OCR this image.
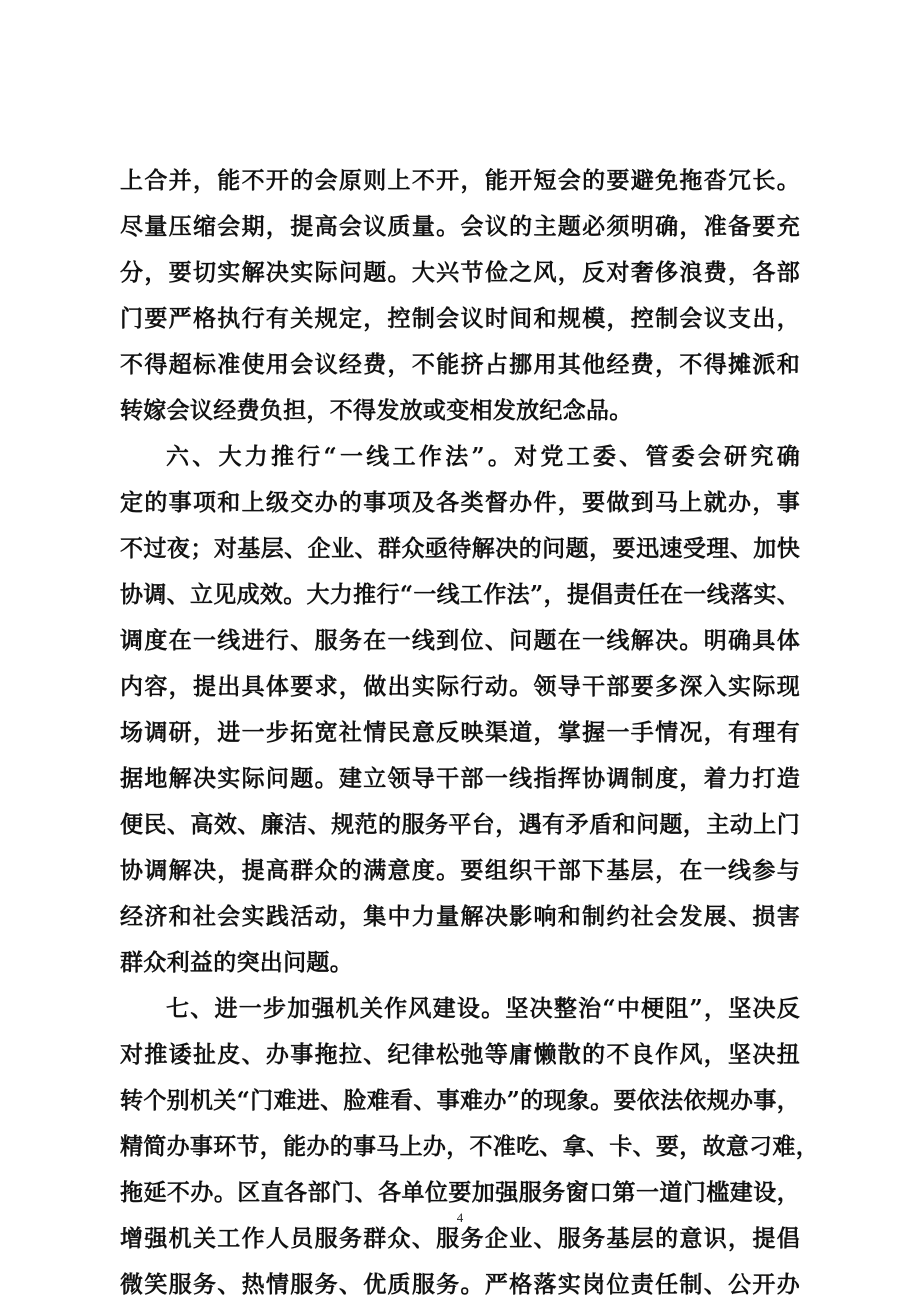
上合并，能不开的会原则上不开，能开短会的要避免拖沓冗长。
尽量压缩会期，提高会议质量。会议的主题必须明确，准备要充
分，要切实解决实际问题。大兴节俭之风，反对奢侈浪费，各部
门要严格执行有关规定，控制会议时间和规模，控制会议支出，
不得超标准使用会议经费，不能挤占挪用其他经费，不得摊派和
转嫁会议经费负担，不得发放或变相发放纪念品。
六、大力推行“一线工作法”。对党工委、管委会研究确
定的事项和上级交办的事项及各类督办件，要做到马上就办，事
不过夜；对基层、企业、群众亟待解决的问题，要迅速受理、加快
协调、立见成效。大力推行“一线工作法”，提倡责任在一线落实、
调度在一线进行、服务在一线到位、问题在一线解决。明确具体
内容，提出具体要求，做出实际行动。领导干部要多深入实际现
场调研，进一步拓宽社情民意反映渠道，掌握一手情况，有理有
据地解决实际问题。建立领导干部一线指挥协调制度，着力打造
便民、高效、廉洁、规范的服务平台，遇有矛盾和问题，主动上门
协调解决，提高群众的满意度。要组织干部下基层，在一线参与
经济和社会实践活动，集中力量解决影响和制约社会发展、损害
群众利益的突出问题。
七、进一步加强机关作风建设。坚决整治“中梗阻”，坚决反
对推诿扯皮、办事拖拉、纪律松弛等庸懒散的不良作风，坚决扭
转个别机关“门难进、脸难看、事难办”的现象。要依法依规办事，
精简办事环节，能办的事马上办，不准吃、拿、卡、要，故意刁难，
拖延不办。区直各部门、各单位要加强服务窗口第一道门槛建设，
增强机关工作人员服务群众、服务企业、服务基层的意识，提倡
微笑服务、热情服务、优质服务。严格落实岗位责任制、公开办
4
